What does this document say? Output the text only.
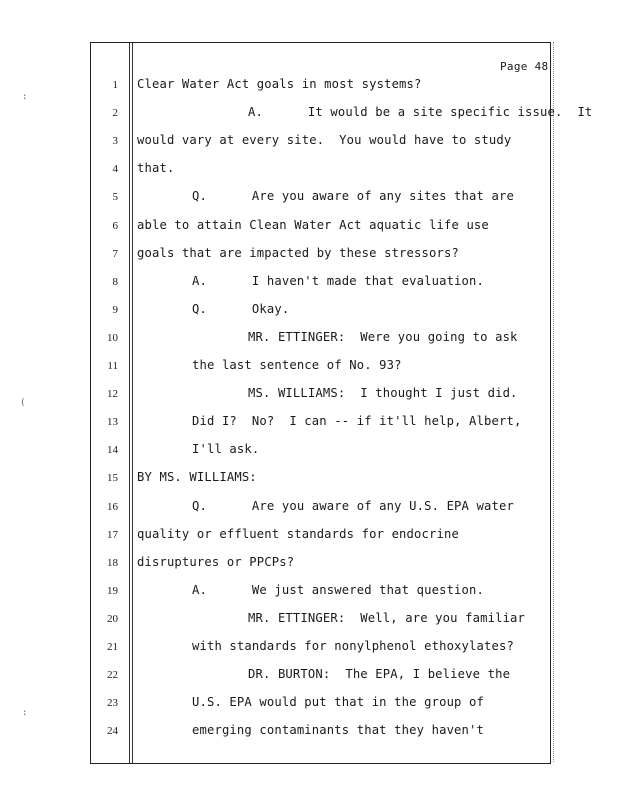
:
(
:
Page 48
1 Clear Water Act goals in most systems?
2	A.      It would be a site specific issue.  It
3 would vary at every site.  You would have to study
4 that.
5	Q.      Are you aware of any sites that are
6 able to attain Clean Water Act aquatic life use
7 goals that are impacted by these stressors?
8	A.      I haven't made that evaluation.
9	Q.      Okay.
10	MR. ETTINGER:  Were you going to ask
11	the last sentence of No. 93?
12	MS. WILLIAMS:  I thought I just did.
13	Did I?  No?  I can -- if it'll help, Albert,
14	I'll ask.
15 BY MS. WILLIAMS:
16	Q.      Are you aware of any U.S. EPA water
17 quality or effluent standards for endocrine
18 disruptures or PPCPs?
19	A.      We just answered that question.
20	MR. ETTINGER:  Well, are you familiar
21	with standards for nonylphenol ethoxylates?
22	DR. BURTON:  The EPA, I believe the
23	U.S. EPA would put that in the group of
24	emerging contaminants that they haven't
